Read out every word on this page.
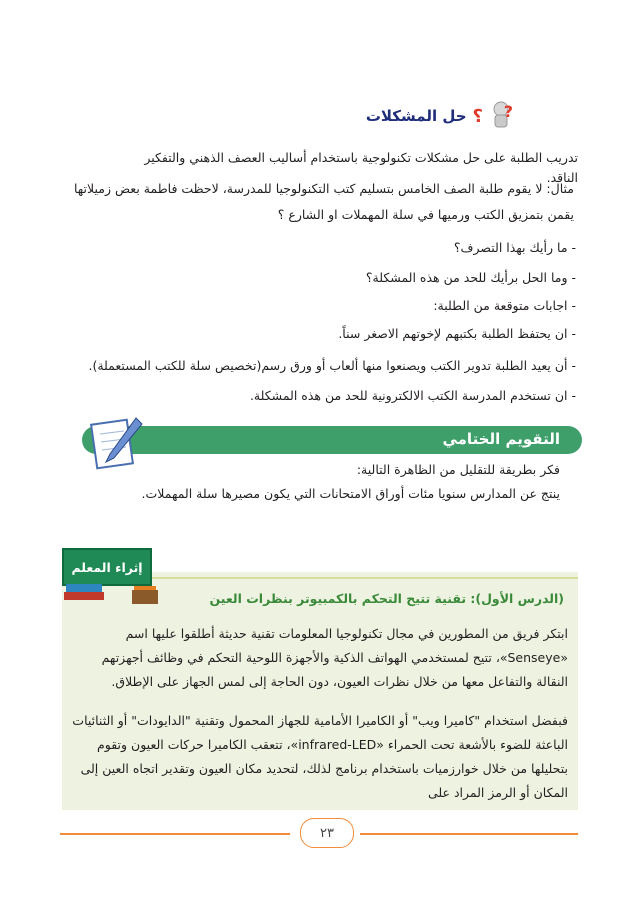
?
؟
حل المشكلات
تدريب الطلبة على حل مشكلات تكنولوجية باستخدام أساليب العصف الذهني والتفكير الناقد.
مثال: لا يقوم طلبة الصف الخامس بتسليم كتب التكنولوجيا للمدرسة، لاحظت فاطمة بعض زميلاتها يقمن بتمزيق الكتب ورميها في سلة المهملات او الشارع ؟
- ما رأيك بهذا التصرف؟
- وما الحل برأيك للحد من هذه المشكلة؟
- اجابات متوقعة من الطلبة:
- ان يحتفظ الطلبة بكتبهم لإخوتهم الاصغر سناً.
- أن يعيد الطلبة تدوير الكتب ويصنعوا منها ألعاب أو ورق رسم(تخصيص سلة للكتب المستعملة).
- ان تستخدم المدرسة الكتب الالكترونية للحد من هذه المشكلة.
التقويم الختامي
فكر بطريقة للتقليل من الظاهرة التالية:
ينتج عن المدارس سنويا مئات أوراق الامتحانات التي يكون مصيرها سلة المهملات.
إثراء المعلم
(الدرس الأول): تقنية تتيح التحكم بالكمبيوتر بنظرات العين
ابتكر فريق من المطورين في مجال تكنولوجيا المعلومات تقنية حديثة أطلقوا عليها اسم «Senseye»، تتيح لمستخدمي الهواتف الذكية والأجهزة اللوحية التحكم في وظائف أجهزتهم النقالة والتفاعل معها من خلال نظرات العيون، دون الحاجة إلى لمس الجهاز على الإطلاق.
فبفضل استخدام "كاميرا ويب" أو الكاميرا الأمامية للجهاز المحمول وتقنية "الدايودات" أو الثنائيات الباعثة للضوء بالأشعة تحت الحمراء «infrared-LED»، تتعقب الكاميرا حركات العيون وتقوم بتحليلها من خلال خوارزميات باستخدام برنامج لذلك، لتحديد مكان العيون وتقدير اتجاه العين إلى المكان أو الرمز المراد على
٢٣
